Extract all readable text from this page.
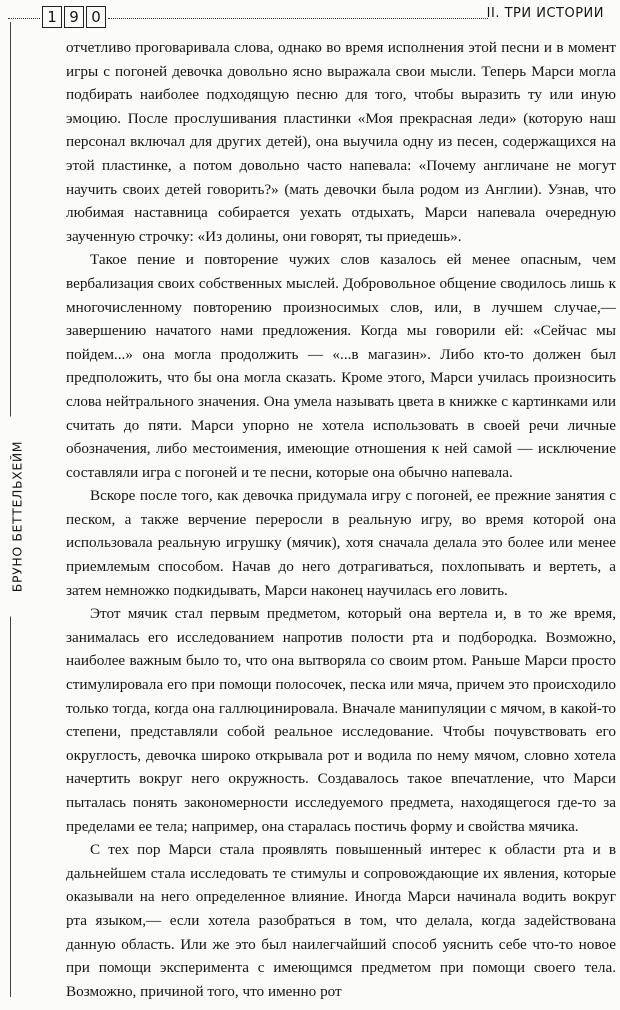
1 9 0	II. ТРИ ИСТОРИИ
БРУНО БЕТТЕЛЬХЕЙМ

отчетливо проговаривала слова, однако во время исполнения этой песни и в момент игры с погоней девочка довольно ясно выражала свои мысли. Теперь Марси могла подбирать наиболее подходящую песню для того, чтобы выразить ту или иную эмоцию. После прослушивания пластинки «Моя прекрасная леди» (которую наш персонал включал для других детей), она выучила одну из песен, содержащихся на этой пластинке, а потом довольно часто напевала: «Почему англичане не могут научить своих детей говорить?» (мать девочки была родом из Англии). Узнав, что любимая наставница собирается уехать отдыхать, Марси напевала очередную заученную строчку: «Из долины, они говорят, ты приедешь».

Такое пение и повторение чужих слов казалось ей менее опасным, чем вербализация своих собственных мыслей. Добровольное общение сводилось лишь к многочисленному повторению произносимых слов, или, в лучшем случае,— завершению начатого нами предложения. Когда мы говорили ей: «Сейчас мы пойдем...» она могла продолжить — «...в магазин». Либо кто-то должен был предположить, что бы она могла сказать. Кроме этого, Марси училась произносить слова нейтрального значения. Она умела называть цвета в книжке с картинками или считать до пяти. Марси упорно не хотела использовать в своей речи личные обозначения, либо местоимения, имеющие отношения к ней самой — исключение составляли игра с погоней и те песни, которые она обычно напевала.

Вскоре после того, как девочка придумала игру с погоней, ее прежние занятия с песком, а также верчение переросли в реальную игру, во время которой она использовала реальную игрушку (мячик), хотя сначала делала это более или менее приемлемым способом. Начав до него дотрагиваться, похлопывать и вертеть, а затем немножко подкидывать, Марси наконец научилась его ловить.

Этот мячик стал первым предметом, который она вертела и, в то же время, занималась его исследованием напротив полости рта и подбородка. Возможно, наиболее важным было то, что она вытворяла со своим ртом. Раньше Марси просто стимулировала его при помощи полосочек, песка или мяча, причем это происходило только тогда, когда она галлюцинировала. Вначале манипуляции с мячом, в какой-то степени, представляли собой реальное исследование. Чтобы почувствовать его округлость, девочка широко открывала рот и водила по нему мячом, словно хотела начертить вокруг него окружность. Создавалось такое впечатление, что Марси пыталась понять закономерности исследуемого предмета, находящегося где-то за пределами ее тела; например, она старалась постичь форму и свойства мячика.

С тех пор Марси стала проявлять повышенный интерес к области рта и в дальнейшем стала исследовать те стимулы и сопровождающие их явления, которые оказывали на него определенное влияние. Иногда Марси начинала водить вокруг рта языком,— если хотела разобраться в том, что делала, когда задействована данную область. Или же это был наилегчайший способ уяснить себе что-то новое при помощи эксперимента с имеющимся предметом при помощи своего тела. Возможно, причиной того, что именно рот
